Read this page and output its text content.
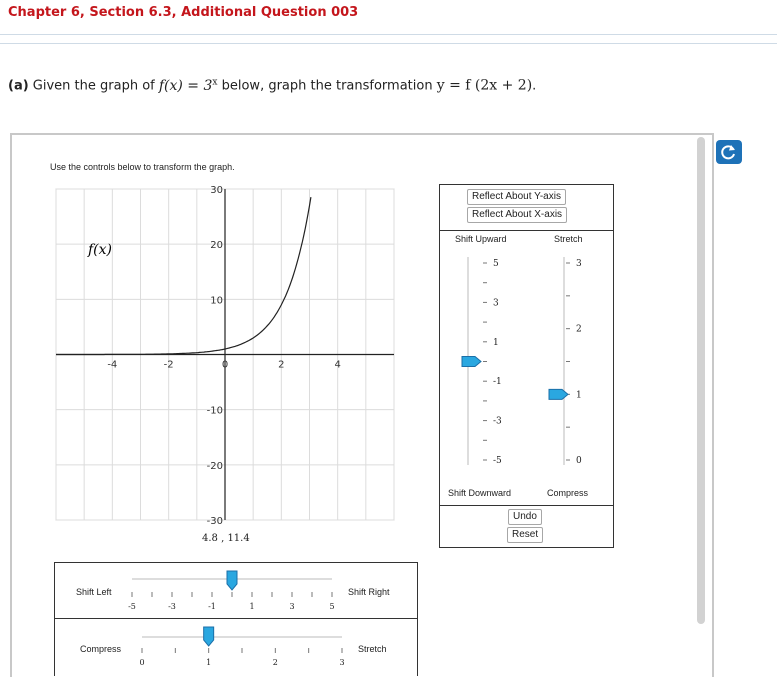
Chapter 6, Section 6.3, Additional Question 003
(a) Given the graph of $f(x) = 3^x$ below, graph the transformation y = f (2x + 2).
Use the controls below to transform the graph.
-4	-2	0	2	4
30
20
10
-10
-20
-30
f(x)
4.8 , 11.4
Reflect About Y-axis
Reflect About X-axis
Shift Upward	Stretch
Shift Downward	Compress
Undo
Reset
5
3
1
-1
-3
-5
3
2
1
0
Shift Left	Shift Right
Compress	Stretch
-5	-3	-1	1	3	5
0	1	2	3
